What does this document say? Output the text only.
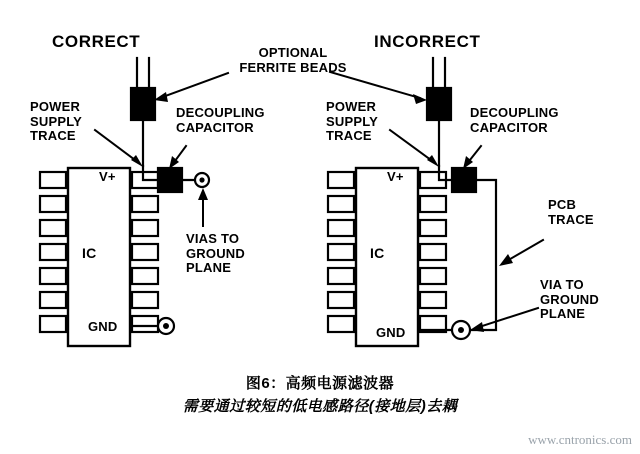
CORRECT	INCORRECT
OPTIONAL
FERRITE BEADS
POWER
SUPPLY
TRACE
DECOUPLING
CAPACITOR
VIAS TO
GROUND
PLANE
V+
IC
GND
POWER
SUPPLY
TRACE
DECOUPLING
CAPACITOR
PCB
TRACE
VIA TO
GROUND
PLANE
V+
IC
GND
图6：高频电源滤波器
需要通过较短的低电感路径(接地层)去耦
www.cntronics.com
